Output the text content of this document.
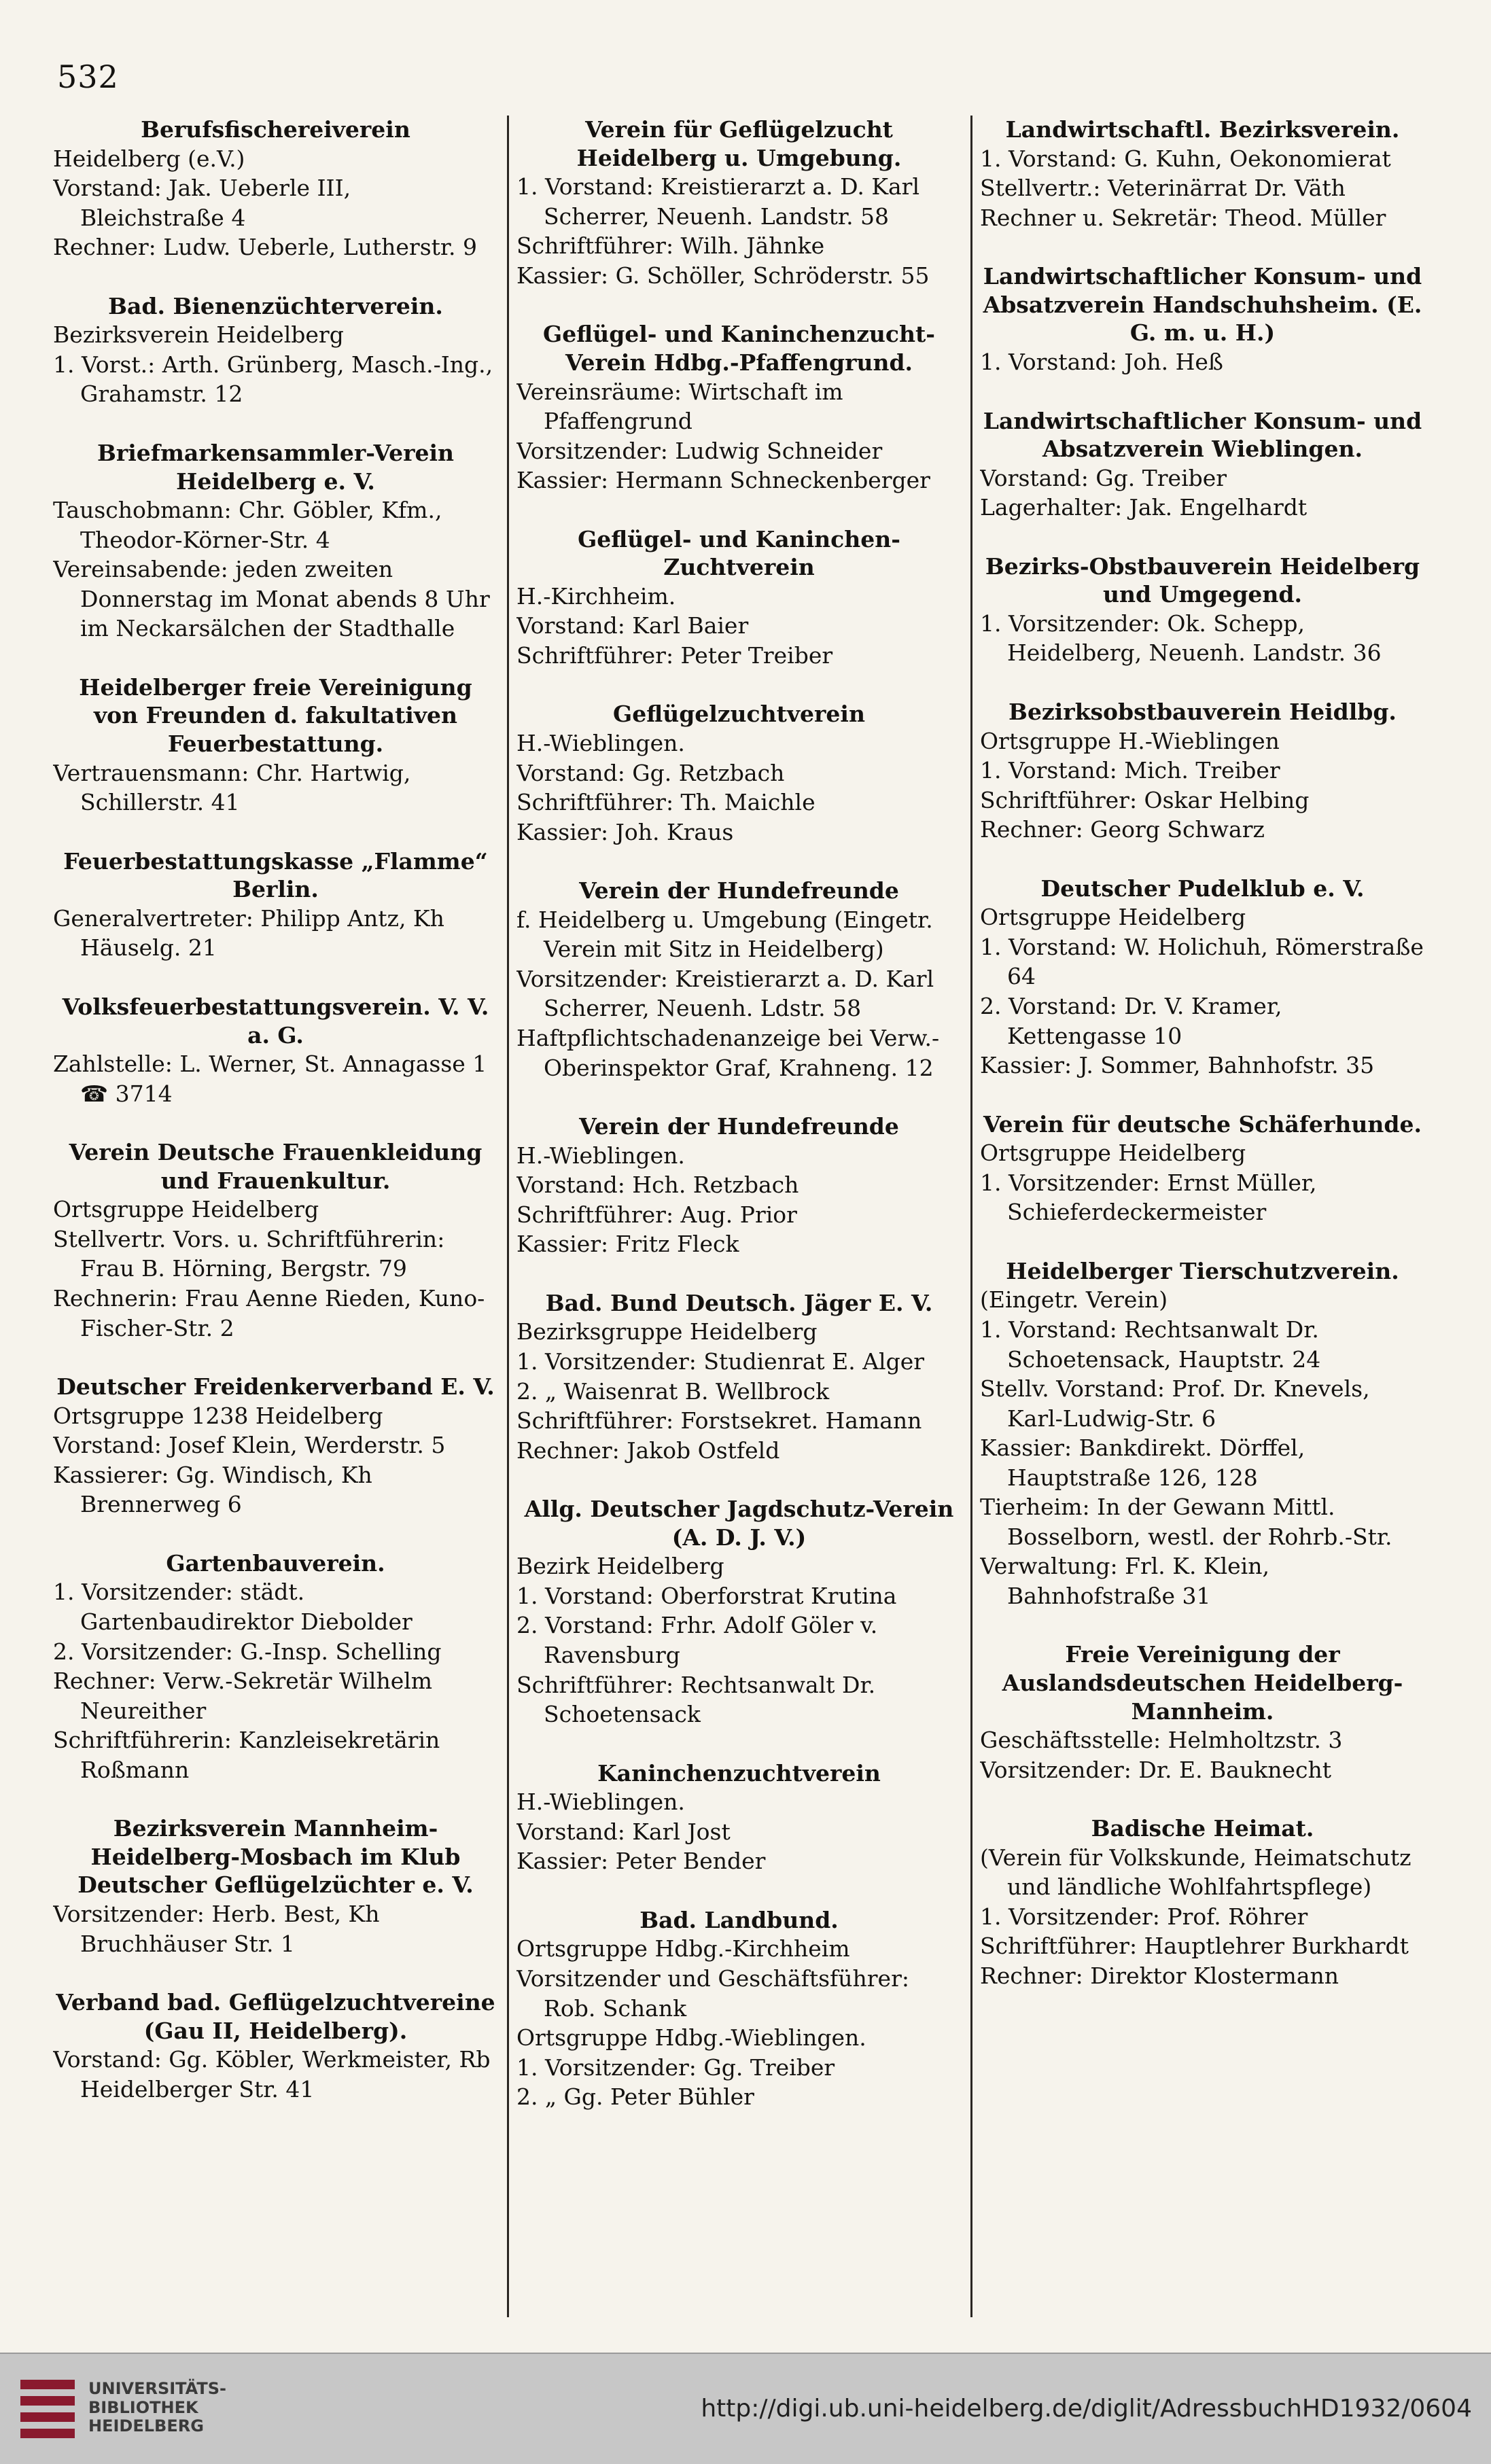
532

Berufsfischereiverein

Heidelberg (e.V.)

Vorstand: Jak. Ueberle III, Bleichstraße 4

Rechner: Ludw. Ueberle, Lutherstr. 9

Bad. Bienenzüchterverein.

Bezirksverein Heidelberg

1. Vorst.: Arth. Grünberg, Masch.-Ing., Grahamstr. 12

Briefmarkensammler-Verein Heidelberg e. V.

Tauschobmann: Chr. Göbler, Kfm., Theodor-Körner-Str. 4

Vereinsabende: jeden zweiten Donnerstag im Monat abends 8 Uhr im Neckarsälchen der Stadthalle

Heidelberger freie Vereinigung von Freunden d. fakultativen Feuerbestattung.

Vertrauensmann: Chr. Hartwig, Schillerstr. 41

Feuerbestattungskasse „Flamme“ Berlin.

Generalvertreter: Philipp Antz, Kh Häuselg. 21

Volksfeuerbestattungsverein. V. V. a. G.

Zahlstelle: L. Werner, St. Annagasse 1 ☎ 3714

Verein Deutsche Frauenkleidung und Frauenkultur.

Ortsgruppe Heidelberg

Stellvertr. Vors. u. Schriftführerin: Frau B. Hörning, Bergstr. 79

Rechnerin: Frau Aenne Rieden, Kuno-Fischer-Str. 2

Deutscher Freidenkerverband E. V.

Ortsgruppe 1238 Heidelberg

Vorstand: Josef Klein, Werderstr. 5

Kassierer: Gg. Windisch, Kh Brennerweg 6

Gartenbauverein.

1. Vorsitzender: städt. Gartenbaudirektor Diebolder

2. Vorsitzender: G.-Insp. Schelling

Rechner: Verw.-Sekretär Wilhelm Neureither

Schriftführerin: Kanzleisekretärin Roßmann

Bezirksverein Mannheim-Heidelberg-Mosbach im Klub Deutscher Geflügelzüchter e. V.

Vorsitzender: Herb. Best, Kh Bruchhäuser Str. 1

Verband bad. Geflügelzuchtvereine (Gau II, Heidelberg).

Vorstand: Gg. Köbler, Werkmeister, Rb Heidelberger Str. 41

Verein für Geflügelzucht Heidelberg u. Umgebung.

1. Vorstand: Kreistierarzt a. D. Karl Scherrer, Neuenh. Landstr. 58

Schriftführer: Wilh. Jähnke

Kassier: G. Schöller, Schröderstr. 55

Geflügel- und Kaninchenzucht-Verein Hdbg.-Pfaffengrund.

Vereinsräume: Wirtschaft im Pfaffengrund

Vorsitzender: Ludwig Schneider

Kassier: Hermann Schneckenberger

Geflügel- und Kaninchen-Zuchtverein

H.-Kirchheim.

Vorstand: Karl Baier

Schriftführer: Peter Treiber

Geflügelzuchtverein

H.-Wieblingen.

Vorstand: Gg. Retzbach

Schriftführer: Th. Maichle

Kassier: Joh. Kraus

Verein der Hundefreunde

f. Heidelberg u. Umgebung (Eingetr. Verein mit Sitz in Heidelberg)

Vorsitzender: Kreistierarzt a. D. Karl Scherrer, Neuenh. Ldstr. 58

Haftpflichtschadenanzeige bei Verw.-Oberinspektor Graf, Krahneng. 12

Verein der Hundefreunde

H.-Wieblingen.

Vorstand: Hch. Retzbach

Schriftführer: Aug. Prior

Kassier: Fritz Fleck

Bad. Bund Deutsch. Jäger E. V.

Bezirksgruppe Heidelberg

1. Vorsitzender: Studienrat E. Alger

2. „ Waisenrat B. Wellbrock

Schriftführer: Forstsekret. Hamann

Rechner: Jakob Ostfeld

Allg. Deutscher Jagdschutz-Verein (A. D. J. V.)

Bezirk Heidelberg

1. Vorstand: Oberforstrat Krutina

2. Vorstand: Frhr. Adolf Göler v. Ravensburg

Schriftführer: Rechtsanwalt Dr. Schoetensack

Kaninchenzuchtverein

H.-Wieblingen.

Vorstand: Karl Jost

Kassier: Peter Bender

Bad. Landbund.

Ortsgruppe Hdbg.-Kirchheim

Vorsitzender und Geschäftsführer: Rob. Schank

Ortsgruppe Hdbg.-Wieblingen.

1. Vorsitzender: Gg. Treiber

2. „ Gg. Peter Bühler

Landwirtschaftl. Bezirksverein.

1. Vorstand: G. Kuhn, Oekonomierat

Stellvertr.: Veterinärrat Dr. Väth

Rechner u. Sekretär: Theod. Müller

Landwirtschaftlicher Konsum- und Absatzverein Handschuhsheim. (E. G. m. u. H.)

1. Vorstand: Joh. Heß

Landwirtschaftlicher Konsum- und Absatzverein Wieblingen.

Vorstand: Gg. Treiber

Lagerhalter: Jak. Engelhardt

Bezirks-Obstbauverein Heidelberg und Umgegend.

1. Vorsitzender: Ok. Schepp, Heidelberg, Neuenh. Landstr. 36

Bezirksobstbauverein Heidlbg.

Ortsgruppe H.-Wieblingen

1. Vorstand: Mich. Treiber

Schriftführer: Oskar Helbing

Rechner: Georg Schwarz

Deutscher Pudelklub e. V.

Ortsgruppe Heidelberg

1. Vorstand: W. Holichuh, Römerstraße 64

2. Vorstand: Dr. V. Kramer, Kettengasse 10

Kassier: J. Sommer, Bahnhofstr. 35

Verein für deutsche Schäferhunde.

Ortsgruppe Heidelberg

1. Vorsitzender: Ernst Müller, Schieferdeckermeister

Heidelberger Tierschutzverein.

(Eingetr. Verein)

1. Vorstand: Rechtsanwalt Dr. Schoetensack, Hauptstr. 24

Stellv. Vorstand: Prof. Dr. Knevels, Karl-Ludwig-Str. 6

Kassier: Bankdirekt. Dörffel, Hauptstraße 126, 128

Tierheim: In der Gewann Mittl. Bosselborn, westl. der Rohrb.-Str.

Verwaltung: Frl. K. Klein, Bahnhofstraße 31

Freie Vereinigung der Auslandsdeutschen Heidelberg-Mannheim.

Geschäftsstelle: Helmholtzstr. 3

Vorsitzender: Dr. E. Bauknecht

Badische Heimat.

(Verein für Volkskunde, Heimatschutz und ländliche Wohlfahrtspflege)

1. Vorsitzender: Prof. Röhrer

Schriftführer: Hauptlehrer Burkhardt

Rechner: Direktor Klostermann

UNIVERSITÄTS-
BIBLIOTHEK
HEIDELBERG
http://digi.ub.uni-heidelberg.de/diglit/AdressbuchHD1932/0604
